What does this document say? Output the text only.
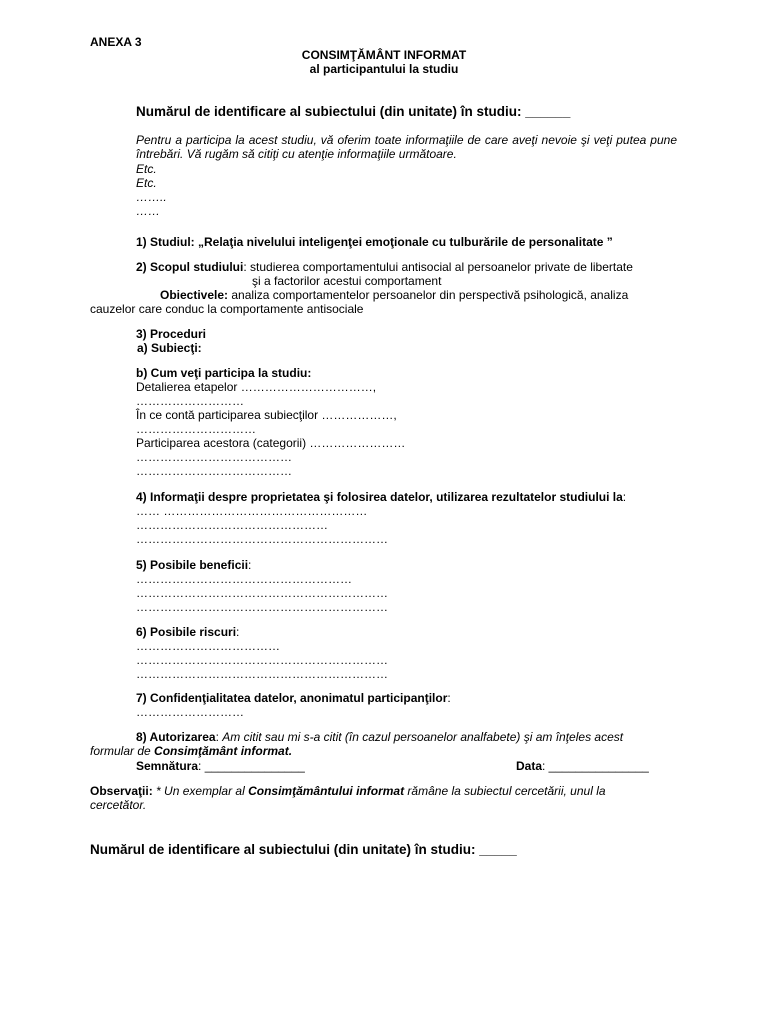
ANEXA 3
CONSIMŢĂMÂNT INFORMAT
al participantului la studiu
Numărul de identificare al subiectului (din unitate) în studiu: ______
Pentru a participa la acest studiu, vă oferim toate informaţiile de care aveţi nevoie şi veţi putea pune întrebări. Vă rugăm să citiţi cu atenţie informaţiile următoare.
Etc.
Etc.
……..
……
1) Studiul: „Relaţia nivelului inteligenţei emoţionale cu tulburările de personalitate ”
2) Scopul studiului: studierea comportamentului antisocial al persoanelor private de libertate
şi a factorilor acestui comportament
Obiectivele: analiza comportamentelor persoanelor din perspectivă psihologică, analiza
cauzelor care conduc la comportamente antisociale
3) Proceduri
a) Subiecţi:
b) Cum veţi participa la studiu:
Detalierea etapelor ……………………………,
………………………
În ce contă participarea subiecţilor ………………,
…………………………
Participarea acestora (categorii) ……………………
…………………………………
…………………………………
4) Informaţii despre proprietatea şi folosirea datelor, utilizarea rezultatelor studiului la:
…… ……………………………………………
…………………………………………
………………………………………………………
5) Posibile beneficii:
………………………………………………
………………………………………………………
………………………………………………………
6) Posibile riscuri:
………………………………
………………………………………………………
………………………………………………………
7) Confidenţialitatea datelor, anonimatul participanţilor:
………………………
8) Autorizarea: Am citit sau mi s-a citit (în cazul persoanelor analfabete) şi am înţeles acest
formular de Consimţământ informat.
Semnătura: _______________	Data: _______________
Observaţii: * Un exemplar al Consimţământului informat rămâne la subiectul cercetării, unul la
cercetător.
Numărul de identificare al subiectului (din unitate) în studiu: _____
